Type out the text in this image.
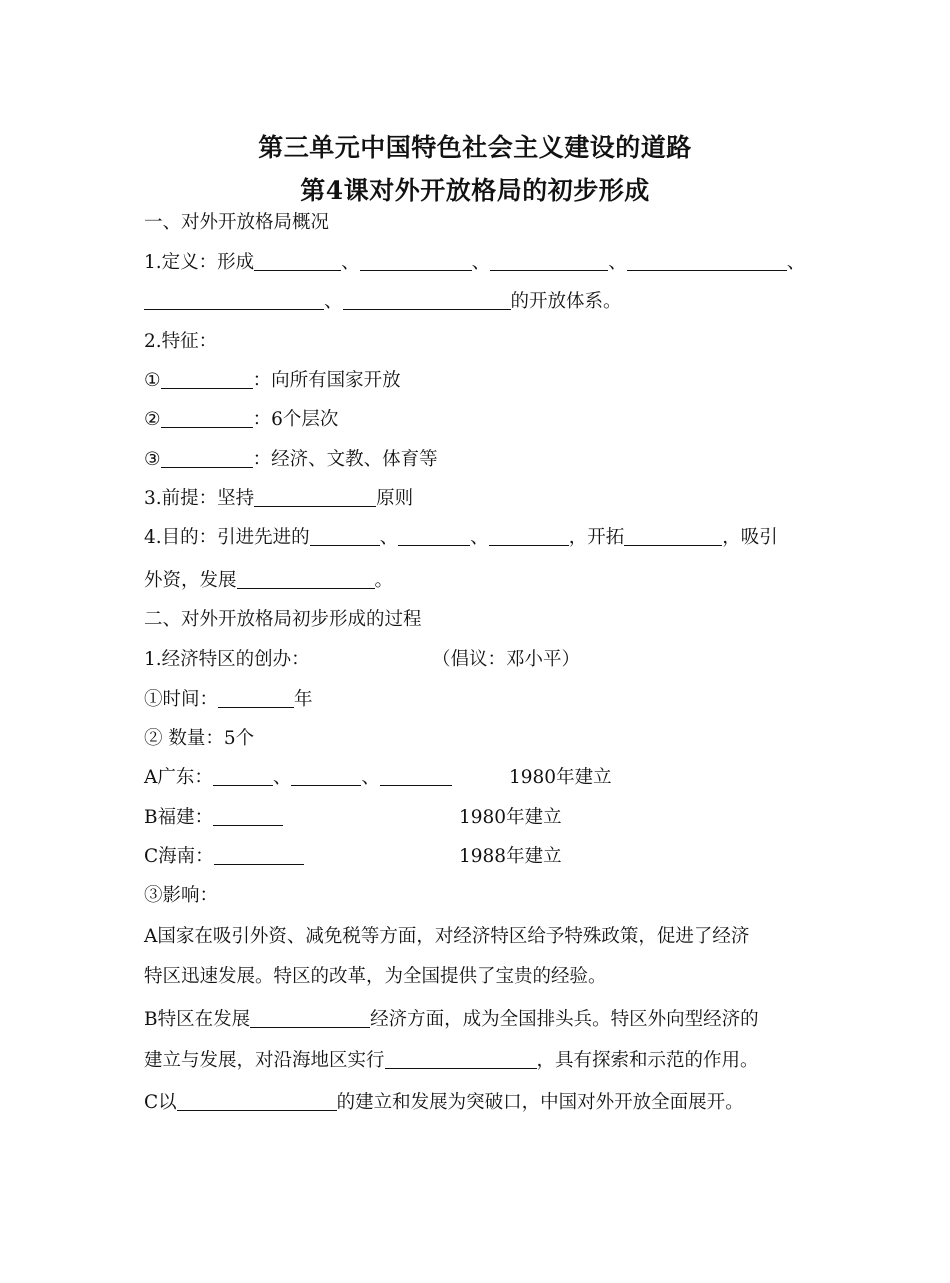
第三单元中国特色社会主义建设的道路
第4课对外开放格局的初步形成
一、对外开放格局概况
1.定义：形成	、	、	、	、
、	的开放体系。
2.特征：
①	：向所有国家开放
②	：6个层次
③	：经济、文教、体育等
3.前提：坚持	原则
4.目的：引进先进的	、	、	，开拓	，吸引
外资，发展	。
二、对外开放格局初步形成的过程
1.经济特区的创办：	（倡议：邓小平）
①时间：	年
② 数量：5个
A广东：	、	、	1980年建立
B福建：	1980年建立
C海南：	1988年建立
③影响：
A国家在吸引外资、减免税等方面，对经济特区给予特殊政策，促进了经济
特区迅速发展。特区的改革，为全国提供了宝贵的经验。
B特区在发展	经济方面，成为全国排头兵。特区外向型经济的
建立与发展，对沿海地区实行	，具有探索和示范的作用。
C以	的建立和发展为突破口，中国对外开放全面展开。
